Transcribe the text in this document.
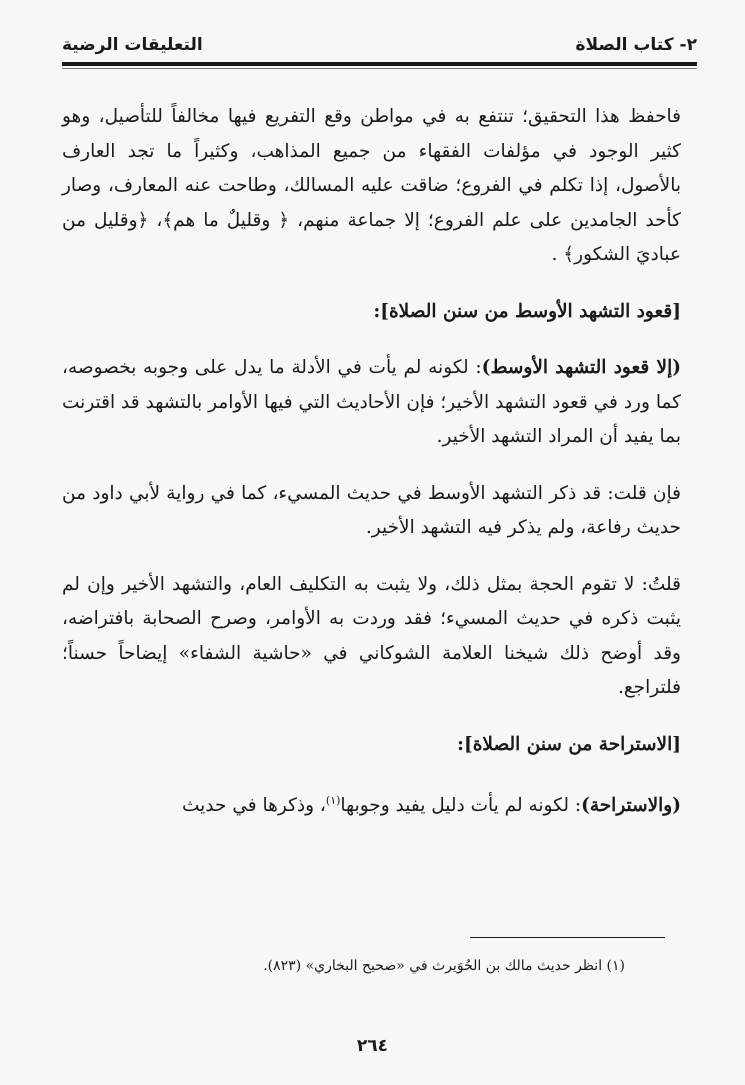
٢- كتاب الصلاة
التعليقات الرضية

فاحفظ هذا التحقيق؛ تنتفع به في مواطن وقع التفريع فيها مخالفاً للتأصيل، وهو كثير الوجود في مؤلفات الفقهاء من جميع المذاهب، وكثيراً ما تجد العارف بالأصول، إذا تكلم في الفروع؛ ضاقت عليه المسالك، وطاحت عنه المعارف، وصار كأحد الجامدين على علم الفروع؛ إلا جماعة منهم، ﴿ وقليلٌ ما هم﴾، ﴿وقليل من عباديَ الشكور﴾ .

[قعود التشهد الأوسط من سنن الصلاة]:

(إلا قعود التشهد الأوسط): لكونه لم يأت في الأدلة ما يدل على وجوبه بخصوصه، كما ورد في قعود التشهد الأخير؛ فإن الأحاديث التي فيها الأوامر بالتشهد قد اقترنت بما يفيد أن المراد التشهد الأخير.

فإن قلت: قد ذكر التشهد الأوسط في حديث المسيء، كما في رواية لأبي داود من حديث رفاعة، ولم يذكر فيه التشهد الأخير.

قلتُ: لا تقوم الحجة بمثل ذلك، ولا يثبت به التكليف العام، والتشهد الأخير وإن لم يثبت ذكره في حديث المسيء؛ فقد وردت به الأوامر، وصرح الصحابة بافتراضه، وقد أوضح ذلك شيخنا العلامة الشوكاني في «حاشية الشفاء» إيضاحاً حسناً؛ فلتراجع.

[الاستراحة من سنن الصلاة]:

(والاستراحة): لكونه لم يأت دليل يفيد وجوبها$^{(١)}$، وذكرها في حديث

(١) انظر حديث مالك بن الحُوَيرث في «صحيح البخاري» (٨٢٣).
٢٦٤
